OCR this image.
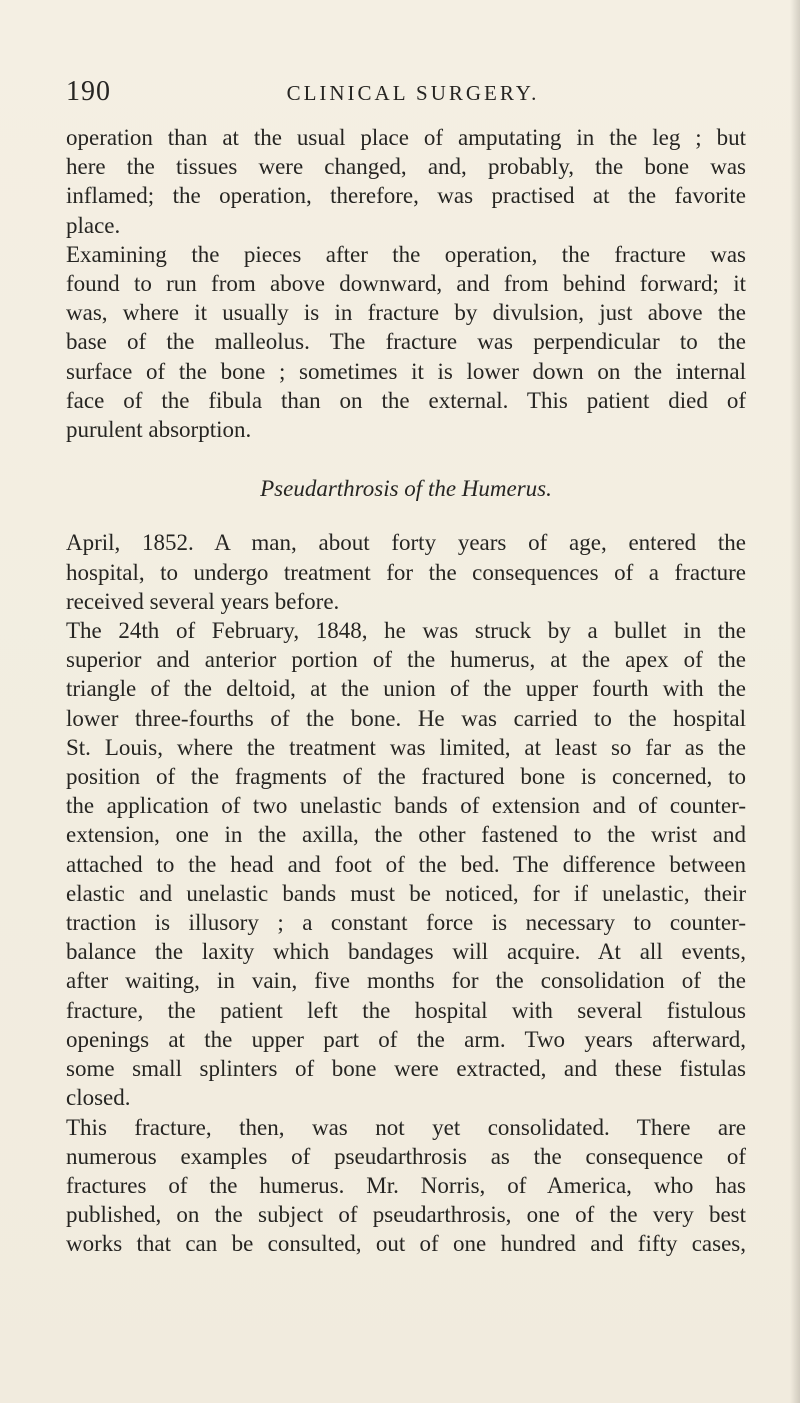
190	CLINICAL SURGERY.
operation than at the usual place of amputating in the leg ; but
here the tissues were changed, and, probably, the bone was
inflamed; the operation, therefore, was practised at the favorite
place.
Examining the pieces after the operation, the fracture was
found to run from above downward, and from behind forward; it
was, where it usually is in fracture by divulsion, just above the
base of the malleolus. The fracture was perpendicular to the
surface of the bone ; sometimes it is lower down on the internal
face of the fibula than on the external. This patient died of
purulent absorption.
Pseudarthrosis of the Humerus.
April, 1852. A man, about forty years of age, entered the
hospital, to undergo treatment for the consequences of a fracture
received several years before.
The 24th of February, 1848, he was struck by a bullet in the
superior and anterior portion of the humerus, at the apex of the
triangle of the deltoid, at the union of the upper fourth with the
lower three-fourths of the bone. He was carried to the hospital
St. Louis, where the treatment was limited, at least so far as the
position of the fragments of the fractured bone is concerned, to
the application of two unelastic bands of extension and of counter-
extension, one in the axilla, the other fastened to the wrist and
attached to the head and foot of the bed. The difference between
elastic and unelastic bands must be noticed, for if unelastic, their
traction is illusory ; a constant force is necessary to counter-
balance the laxity which bandages will acquire. At all events,
after waiting, in vain, five months for the consolidation of the
fracture, the patient left the hospital with several fistulous
openings at the upper part of the arm. Two years afterward,
some small splinters of bone were extracted, and these fistulas
closed.
This fracture, then, was not yet consolidated. There are
numerous examples of pseudarthrosis as the consequence of
fractures of the humerus. Mr. Norris, of America, who has
published, on the subject of pseudarthrosis, one of the very best
works that can be consulted, out of one hundred and fifty cases,
